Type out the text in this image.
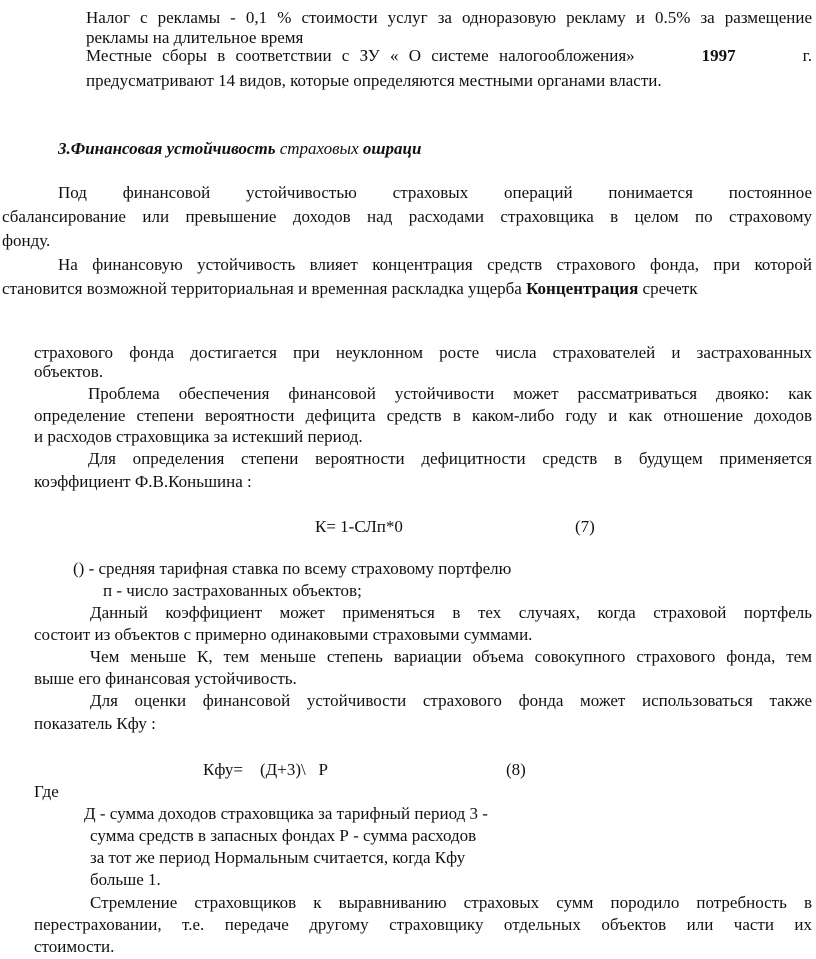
Налог с рекламы - 0,1 % стоимости услуг за одноразовую рекламу и 0.5% за размещение
рекламы на длительное время
Местные сборы в соответствии с ЗУ « О системе налогообложения»	1997	г.
предусматривают 14 видов, которые определяются местными органами власти.
3.Финансовая устойчивость страховых ошраци
Под финансовой устойчивостью страховых операций понимается постоянное
сбалансирование или превышение доходов над расходами страховщика в целом по страховому
фонду.
На финансовую устойчивость влияет концентрация средств страхового фонда, при которой
становится возможной территориальная и временная раскладка ущерба Концентрация сречетк
страхового фонда достигается при неуклонном росте числа страхователей и застрахованных
объектов.
Проблема обеспечения финансовой устойчивости может рассматриваться двояко: как
определение степени вероятности дефицита средств в каком-либо году и как отношение доходов
и расходов страховщика за истекший период.
Для определения степени вероятности дефицитности средств в будущем применяется
коэффициент Ф.В.Коньшина :
К= 1-СЛп*0	(7)
() - средняя тарифная ставка по всему страховому портфелю
п - число застрахованных объектов;
Данный коэффициент может применяться в тех случаях, когда страховой портфель
состоит из объектов с примерно одинаковыми страховыми суммами.
Чем меньше К, тем меньше степень вариации объема совокупного страхового фонда, тем
выше его финансовая устойчивость.
Для оценки финансовой устойчивости страхового фонда может использоваться также
показатель Кфу :
Кфу=    (Д+3)\   Р	(8)
Где
Д - сумма доходов страховщика за тарифный период 3 -
сумма средств в запасных фондах Р - сумма расходов
за тот же период Нормальным считается, когда Кфу
больше 1.
Стремление страховщиков к выравниванию страховых сумм породило потребность в
перестраховании, т.е. передаче другому страховщику отдельных объектов или части их
стоимости.
